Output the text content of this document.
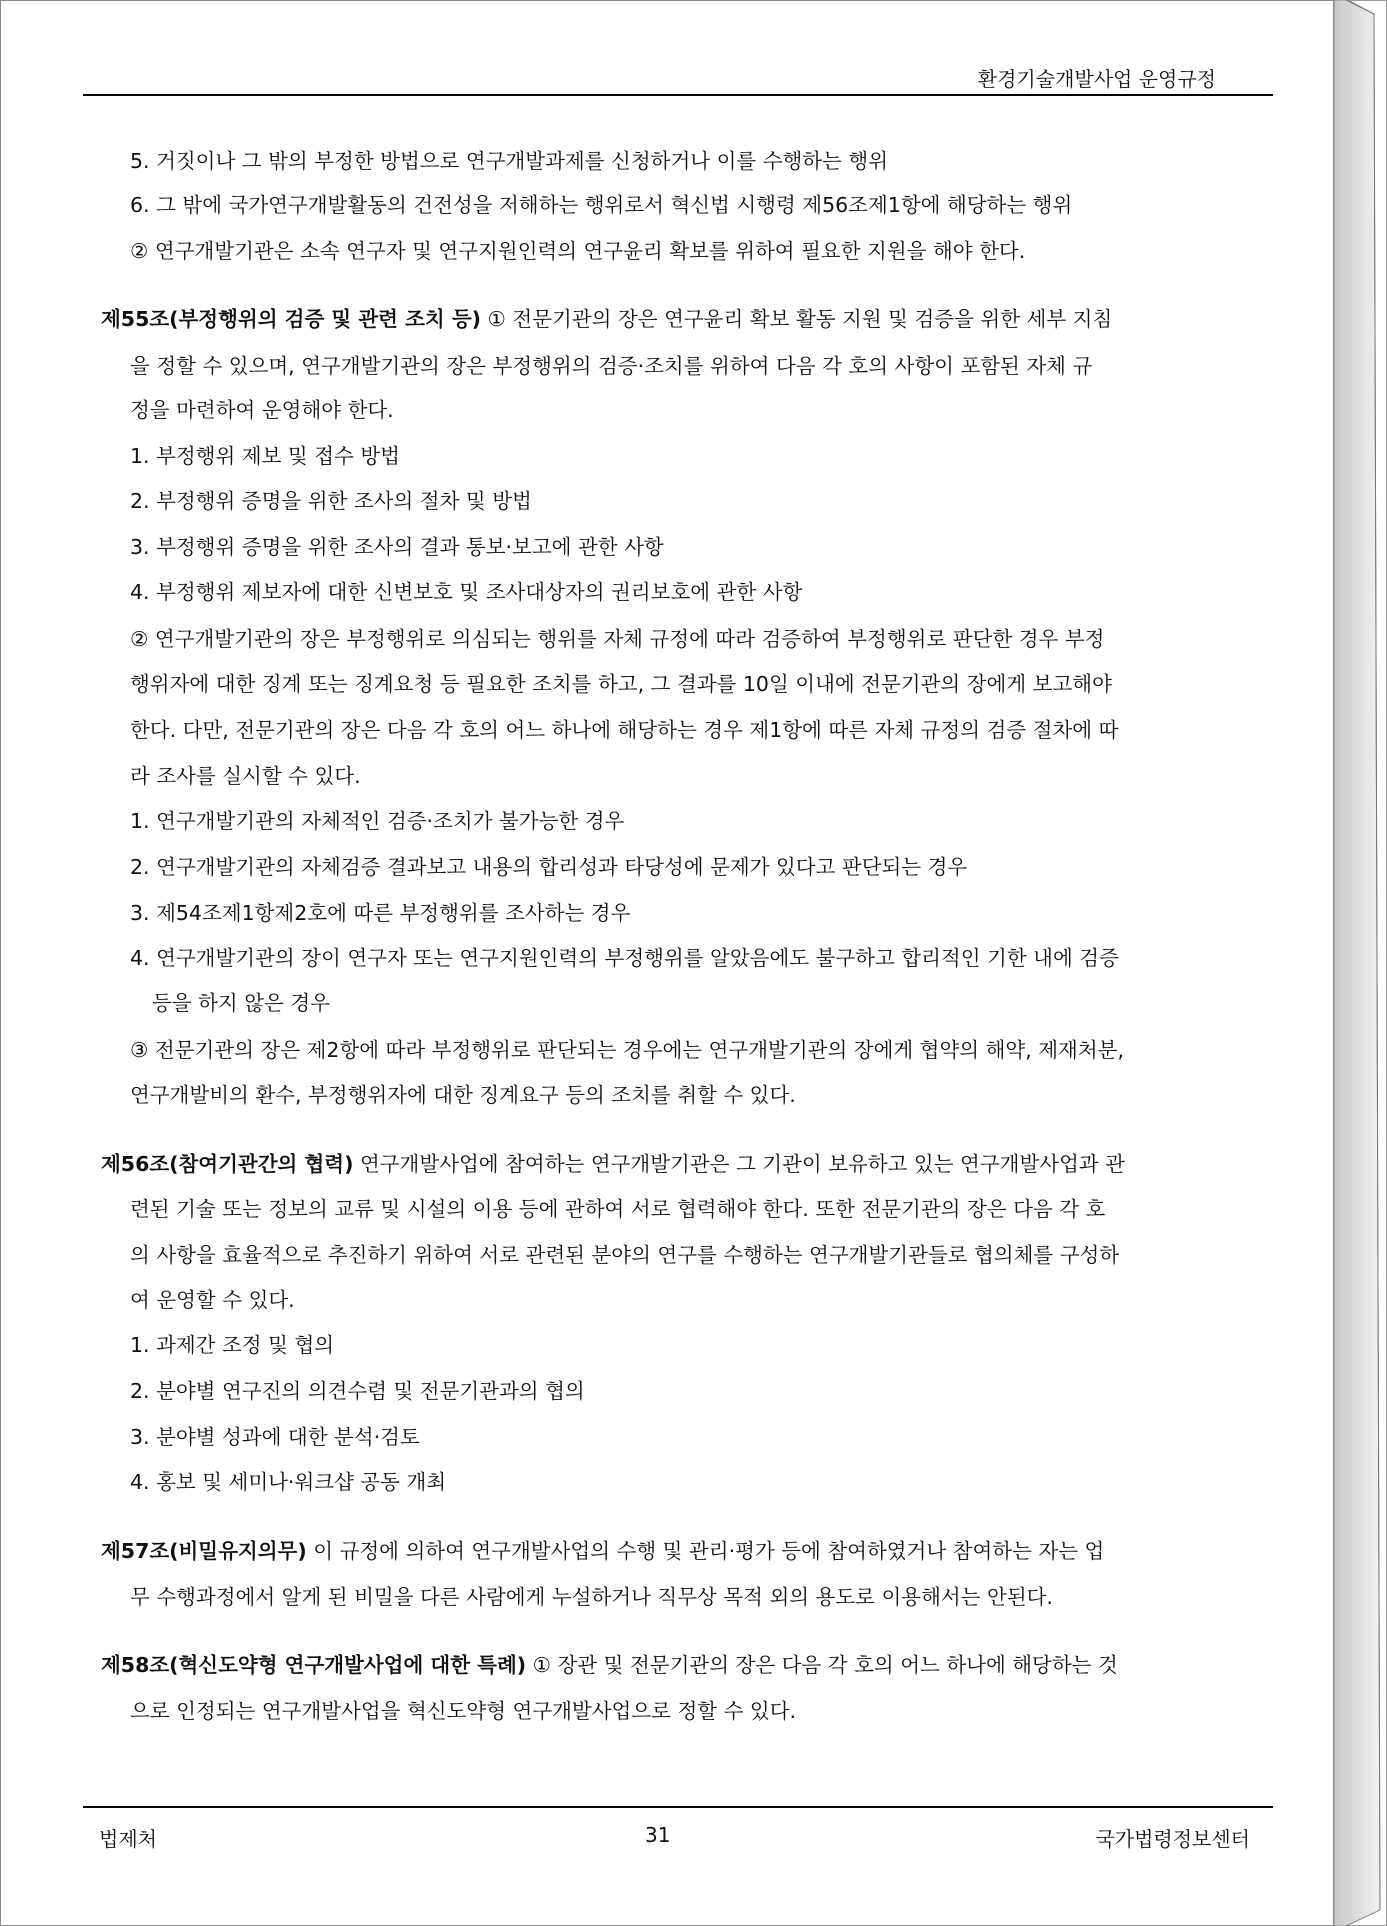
환경기술개발사업 운영규정
5. 거짓이나 그 밖의 부정한 방법으로 연구개발과제를 신청하거나 이를 수행하는 행위
6. 그 밖에 국가연구개발활동의 건전성을 저해하는 행위로서 혁신법 시행령 제56조제1항에 해당하는 행위
② 연구개발기관은 소속 연구자 및 연구지원인력의 연구윤리 확보를 위하여 필요한 지원을 해야 한다.
제55조(부정행위의 검증 및 관련 조치 등) ① 전문기관의 장은 연구윤리 확보 활동 지원 및 검증을 위한 세부 지침
을 정할 수 있으며, 연구개발기관의 장은 부정행위의 검증·조치를 위하여 다음 각 호의 사항이 포함된 자체 규
정을 마련하여 운영해야 한다.
1. 부정행위 제보 및 접수 방법
2. 부정행위 증명을 위한 조사의 절차 및 방법
3. 부정행위 증명을 위한 조사의 결과 통보·보고에 관한 사항
4. 부정행위 제보자에 대한 신변보호 및 조사대상자의 권리보호에 관한 사항
② 연구개발기관의 장은 부정행위로 의심되는 행위를 자체 규정에 따라 검증하여 부정행위로 판단한 경우 부정
행위자에 대한 징계 또는 징계요청 등 필요한 조치를 하고, 그 결과를 10일 이내에 전문기관의 장에게 보고해야
한다. 다만, 전문기관의 장은 다음 각 호의 어느 하나에 해당하는 경우 제1항에 따른 자체 규정의 검증 절차에 따
라 조사를 실시할 수 있다.
1. 연구개발기관의 자체적인 검증·조치가 불가능한 경우
2. 연구개발기관의 자체검증 결과보고 내용의 합리성과 타당성에 문제가 있다고 판단되는 경우
3. 제54조제1항제2호에 따른 부정행위를 조사하는 경우
4. 연구개발기관의 장이 연구자 또는 연구지원인력의 부정행위를 알았음에도 불구하고 합리적인 기한 내에 검증
등을 하지 않은 경우
③ 전문기관의 장은 제2항에 따라 부정행위로 판단되는 경우에는 연구개발기관의 장에게 협약의 해약, 제재처분,
연구개발비의 환수, 부정행위자에 대한 징계요구 등의 조치를 취할 수 있다.
제56조(참여기관간의 협력) 연구개발사업에 참여하는 연구개발기관은 그 기관이 보유하고 있는 연구개발사업과 관
련된 기술 또는 정보의 교류 및 시설의 이용 등에 관하여 서로 협력해야 한다. 또한 전문기관의 장은 다음 각 호
의 사항을 효율적으로 추진하기 위하여 서로 관련된 분야의 연구를 수행하는 연구개발기관들로 협의체를 구성하
여 운영할 수 있다.
1. 과제간 조정 및 협의
2. 분야별 연구진의 의견수렴 및 전문기관과의 협의
3. 분야별 성과에 대한 분석·검토
4. 홍보 및 세미나·워크샵 공동 개최
제57조(비밀유지의무) 이 규정에 의하여 연구개발사업의 수행 및 관리·평가 등에 참여하였거나 참여하는 자는 업
무 수행과정에서 알게 된 비밀을 다른 사람에게 누설하거나 직무상 목적 외의 용도로 이용해서는 안된다.
제58조(혁신도약형 연구개발사업에 대한 특례) ① 장관 및 전문기관의 장은 다음 각 호의 어느 하나에 해당하는 것
으로 인정되는 연구개발사업을 혁신도약형 연구개발사업으로 정할 수 있다.
법제처	31	국가법령정보센터
